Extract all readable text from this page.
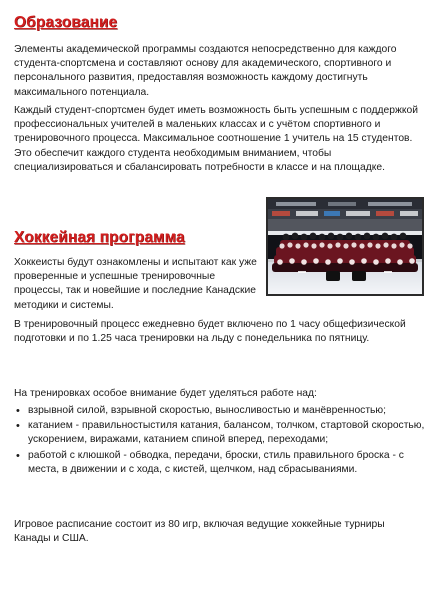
Образование

Элементы академической программы создаются непосредственно для каждого студента-спортсмена и составляют основу для академического, спортивного и персонального развития, предоставляя возможность каждому достигнуть максимального потенциала.

Каждый студент-спортсмен будет иметь возможность быть успешным с поддержкой профессиональных учителей в маленьких классах и с учётом спортивного и тренировочного процесса. Максимальное соотношение 1 учитель на 15 студентов. Это обеспечит каждого студента необходимым вниманием, чтобы специализироваться и сбалансировать потребности в классе и на площадке.

Хоккейная программа

Хоккеисты будут ознакомлены и испытают как уже проверенные и успешные тренировочные процессы, так и новейшие и последние Канадские методики и системы.

В тренировочный процесс ежедневно будет включено по 1 часу общефизической подготовки и по 1.25 часа тренировки на льду с понедельника по пятницу.

На тренировках особое внимание будет уделяться работе над:

• взрывной силой, взрывной скоростью, выносливостью и манёвренностью;
• катанием - правильностыстиля катания, балансом, толчком, стартовой скоростью, ускорением, виражами, катанием спиной вперед, переходами;
• работой с клюшкой - обводка, передачи, броски, стиль правильного броска - с места, в движении и с хода, с кистей, щелчком, над сбрасываниями.

Игровое расписание состоит из 80 игр, включая ведущие хоккейные турниры Канады и США.
